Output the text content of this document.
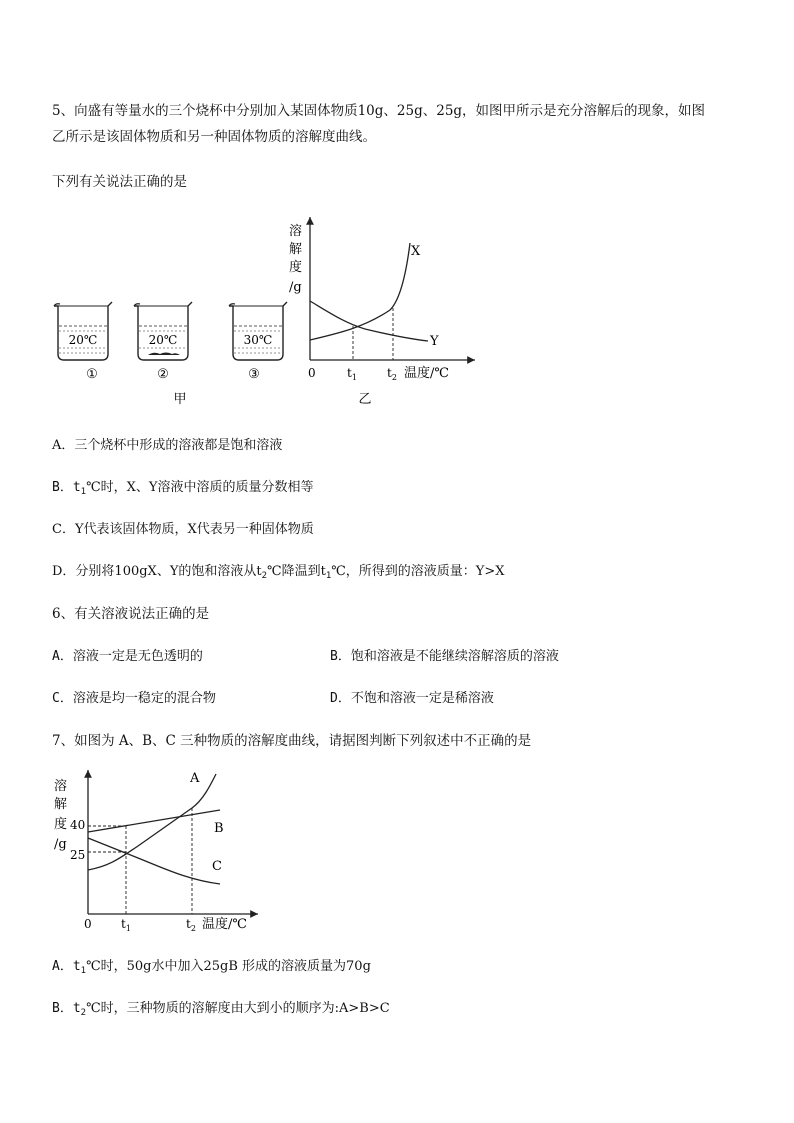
5、向盛有等量水的三个烧杯中分别加入某固体物质10g、25g、25g，如图甲所示是充分溶解后的现象，如图
乙所示是该固体物质和另一种固体物质的溶解度曲线。
下列有关说法正确的是
20℃
①
20℃
②
30℃
③
甲
溶
解
度
/g
X
Y
0	$t_1$	$t_2$ 温度/℃
乙
A．三个烧杯中形成的溶液都是饱和溶液
B．$t_1℃$时，X、Y溶液中溶质的质量分数相等
C．Y代表该固体物质，X代表另一种固体物质
D．分别将100gX、Y的饱和溶液从$t_2℃$降温到$t_1℃$，所得到的溶液质量：Y>X
6、有关溶液说法正确的是
A．溶液一定是无色透明的	B．饱和溶液是不能继续溶解溶质的溶液
C．溶液是均一稳定的混合物	D．不饱和溶液一定是稀溶液
7、如图为 A、B、C 三种物质的溶解度曲线，请据图判断下列叙述中不正确的是
溶
解
度
/g
40
25
A
B
C
0 $t_1$	$t_2$ 温度/℃
A．$t_1℃$时，50g水中加入25gB 形成的溶液质量为70g
B．$t_2℃$时，三种物质的溶解度由大到小的顺序为:A>B>C
